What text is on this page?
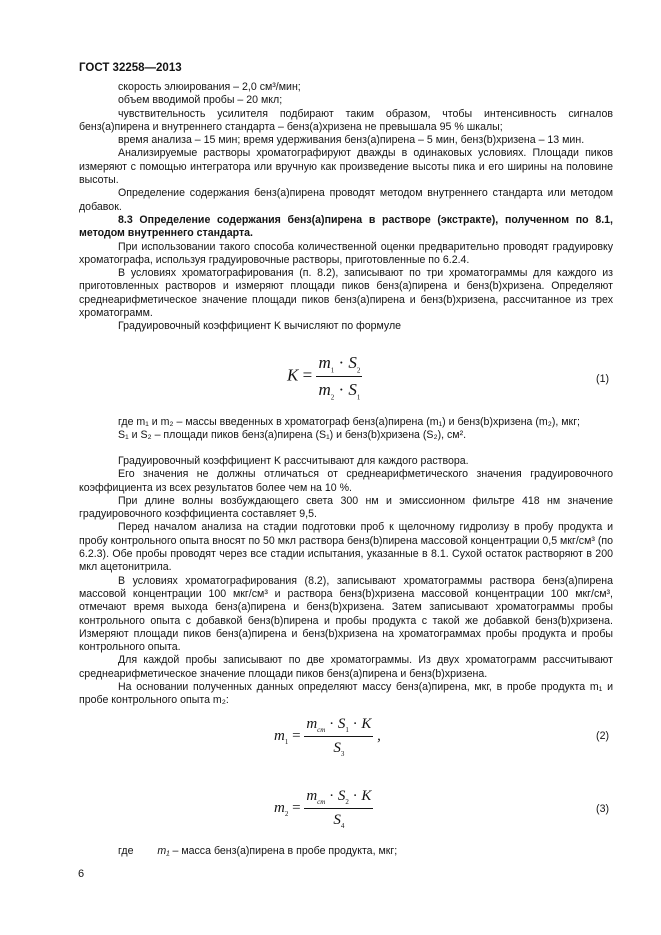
ГОСТ 32258—2013

скорость элюирования – 2,0 см³/мин;

объем вводимой пробы – 20 мкл;

чувствительность усилителя подбирают таким образом, чтобы интенсивность сигналов бенз(а)пирена и внутреннего стандарта – бенз(а)хризена не превышала 95 % шкалы;

время анализа – 15 мин; время удерживания бенз(а)пирена – 5 мин, бенз(b)хризена – 13 мин.

Анализируемые растворы хроматографируют дважды в одинаковых условиях. Площади пиков измеряют с помощью интегратора или вручную как произведение высоты пика и его ширины на половине высоты.

Определение содержания бенз(а)пирена проводят методом внутреннего стандарта или методом добавок.

8.3 Определение содержания бенз(а)пирена в растворе (экстракте), полученном по 8.1, методом внутреннего стандарта.

При использовании такого способа количественной оценки предварительно проводят градуировку хроматографа, используя градуировочные растворы, приготовленные по 6.2.4.

В условиях хроматографирования (п. 8.2), записывают по три хроматограммы для каждого из приготовленных растворов и измеряют площади пиков бенз(а)пирена и бенз(b)хризена. Определяют среднеарифметическое значение площади пиков бенз(а)пирена и бенз(b)хризена, рассчитанное из трех хроматограмм.

Градуировочный коэффициент K вычисляют по формуле

$K = \frac{m_1 \cdot S_2}{m_2 \cdot S_1}$	(1)

где m₁ и m₂ – массы введенных в хроматограф бенз(а)пирена (m₁) и бенз(b)хризена (m₂), мкг;

S₁ и S₂ – площади пиков бенз(а)пирена (S₁) и бенз(b)хризена (S₂), см².

Градуировочный коэффициент K рассчитывают для каждого раствора.

Его значения не должны отличаться от среднеарифметического значения градуировочного коэффициента из всех результатов более чем на 10 %.

При длине волны возбуждающего света 300 нм и эмиссионном фильтре 418 нм значение градуировочного коэффициента составляет 9,5.

Перед началом анализа на стадии подготовки проб к щелочному гидролизу в пробу продукта и пробу контрольного опыта вносят по 50 мкл раствора бенз(b)пирена массовой концентрации 0,5 мкг/см³ (по 6.2.3). Обе пробы проводят через все стадии испытания, указанные в 8.1. Сухой остаток растворяют в 200 мкл ацетонитрила.

В условиях хроматографирования (8.2), записывают хроматограммы раствора бенз(а)пирена массовой концентрации 100 мкг/см³ и раствора бенз(b)хризена массовой концентрации 100 мкг/см³, отмечают время выхода бенз(а)пирена и бенз(b)хризена. Затем записывают хроматограммы пробы контрольного опыта с добавкой бенз(b)пирена и пробы продукта с такой же добавкой бенз(b)хризена. Измеряют площади пиков бенз(а)пирена и бенз(b)хризена на хроматограммах пробы продукта и пробы контрольного опыта.

Для каждой пробы записывают по две хроматограммы. Из двух хроматограмм рассчитывают среднеарифметическое значение площади пиков бенз(а)пирена и бенз(b)хризена.

На основании полученных данных определяют массу бенз(а)пирена, мкг, в пробе продукта m₁ и пробе контрольного опыта m₂:

$m_1 = \frac{m_{cm} \cdot S_1 \cdot K}{S_3}$ ,	(2)
$m_2 = \frac{m_{cm} \cdot S_2 \cdot K}{S_4}$	(3)

где m₁ – масса бенз(а)пирена в пробе продукта, мкг;

6
